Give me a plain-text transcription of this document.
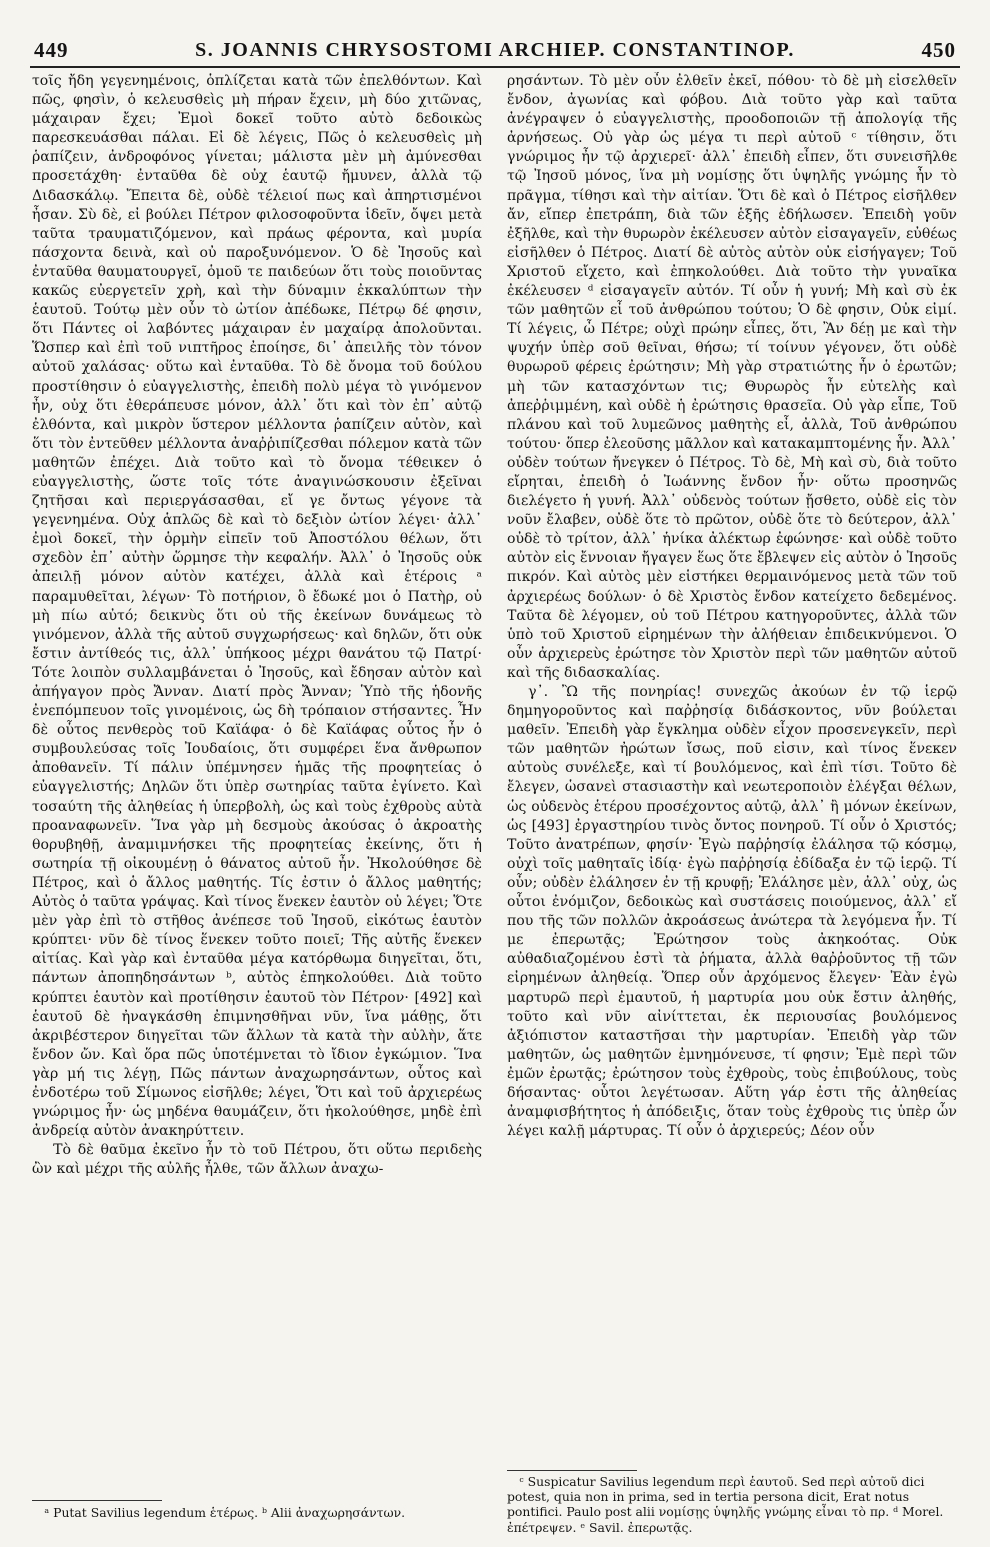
449	S. JOANNIS CHRYSOSTOMI ARCHIEP. CONSTANTINOP.	450

τοῖς ἤδη γεγενημένοις, ὁπλίζεται κατὰ τῶν ἐπελθόντων. Καὶ πῶς, φησὶν, ὁ κελευσθεὶς μὴ πήραν ἔχειν, μὴ δύο χιτῶνας, μάχαιραν ἔχει; Ἐμοὶ δοκεῖ τοῦτο αὐτὸ δεδοικὼς παρεσκευάσθαι πάλαι. Εἰ δὲ λέγεις, Πῶς ὁ κελευσθεὶς μὴ ῥαπίζειν, ἀνδροφόνος γίνεται; μάλιστα μὲν μὴ ἀμύνεσθαι προσετάχθη· ἐνταῦθα δὲ οὐχ ἑαυτῷ ἤμυνεν, ἀλλὰ τῷ Διδασκάλῳ. Ἔπειτα δὲ, οὐδὲ τέλειοί πως καὶ ἀπηρτισμένοι ἦσαν. Σὺ δὲ, εἰ βούλει Πέτρον φιλοσοφοῦντα ἰδεῖν, ὄψει μετὰ ταῦτα τραυματιζόμενον, καὶ πράως φέροντα, καὶ μυρία πάσχοντα δεινὰ, καὶ οὐ παροξυνόμενον. Ὁ δὲ Ἰησοῦς καὶ ἐνταῦθα θαυματουργεῖ, ὁμοῦ τε παιδεύων ὅτι τοὺς ποιοῦντας κακῶς εὐεργετεῖν χρὴ, καὶ τὴν δύναμιν ἐκκαλύπτων τὴν ἑαυτοῦ. Τούτῳ μὲν οὖν τὸ ὠτίον ἀπέδωκε, Πέτρῳ δέ φησιν, ὅτι Πάντες οἱ λαβόντες μάχαιραν ἐν μαχαίρᾳ ἀπολοῦνται. Ὥσπερ καὶ ἐπὶ τοῦ νιπτῆρος ἐποίησε, δι᾽ ἀπειλῆς τὸν τόνον αὐτοῦ χαλάσας· οὕτω καὶ ἐνταῦθα. Τὸ δὲ ὄνομα τοῦ δούλου προστίθησιν ὁ εὐαγγελιστὴς, ἐπειδὴ πολὺ μέγα τὸ γινόμενον ἦν, οὐχ ὅτι ἐθεράπευσε μόνον, ἀλλ᾽ ὅτι καὶ τὸν ἐπ᾽ αὐτῷ ἐλθόντα, καὶ μικρὸν ὕστερον μέλλοντα ῥαπίζειν αὐτὸν, καὶ ὅτι τὸν ἐντεῦθεν μέλλοντα ἀναῤῥιπίζεσθαι πόλεμον κατὰ τῶν μαθητῶν ἐπέχει. Διὰ τοῦτο καὶ τὸ ὄνομα τέθεικεν ὁ εὐαγγελιστὴς, ὥστε τοῖς τότε ἀναγινώσκουσιν ἐξεῖναι ζητῆσαι καὶ περιεργάσασθαι, εἴ γε ὄντως γέγονε τὰ γεγενημένα. Οὐχ ἁπλῶς δὲ καὶ τὸ δεξιὸν ὠτίον λέγει· ἀλλ᾽ ἐμοὶ δοκεῖ, τὴν ὁρμὴν εἰπεῖν τοῦ Ἀποστόλου θέλων, ὅτι σχεδὸν ἐπ᾽ αὐτὴν ὥρμησε τὴν κεφαλήν. Ἀλλ᾽ ὁ Ἰησοῦς οὐκ ἀπειλῇ μόνον αὐτὸν κατέχει, ἀλλὰ καὶ ἑτέροις ᵃ παραμυθεῖται, λέγων· Τὸ ποτήριον, ὃ ἔδωκέ μοι ὁ Πατὴρ, οὐ μὴ πίω αὐτό; δεικνὺς ὅτι οὐ τῆς ἐκείνων δυνάμεως τὸ γινόμενον, ἀλλὰ τῆς αὐτοῦ συγχωρήσεως· καὶ δηλῶν, ὅτι οὐκ ἔστιν ἀντίθεός τις, ἀλλ᾽ ὑπήκοος μέχρι θανάτου τῷ Πατρί· Τότε λοιπὸν συλλαμβάνεται ὁ Ἰησοῦς, καὶ ἔδησαν αὐτὸν καὶ ἀπήγαγον πρὸς Ἄνναν. Διατί πρὸς Ἄνναν; Ὑπὸ τῆς ἡδονῆς ἐνεπόμπευον τοῖς γινομένοις, ὡς δὴ τρόπαιον στήσαντες. Ἦν δὲ οὗτος πενθερὸς τοῦ Καϊάφα· ὁ δὲ Καϊάφας οὗτος ἦν ὁ συμβουλεύσας τοῖς Ἰουδαίοις, ὅτι συμφέρει ἕνα ἄνθρωπον ἀποθανεῖν. Τί πάλιν ὑπέμνησεν ἡμᾶς τῆς προφητείας ὁ εὐαγγελιστής; Δηλῶν ὅτι ὑπὲρ σωτηρίας ταῦτα ἐγίνετο. Καὶ τοσαύτη τῆς ἀληθείας ἡ ὑπερβολὴ, ὡς καὶ τοὺς ἐχθροὺς αὐτὰ προαναφωνεῖν. Ἵνα γὰρ μὴ δεσμοὺς ἀκούσας ὁ ἀκροατὴς θορυβηθῇ, ἀναμιμνήσκει τῆς προφητείας ἐκείνης, ὅτι ἡ σωτηρία τῇ οἰκουμένῃ ὁ θάνατος αὐτοῦ ἦν. Ἠκολούθησε δὲ Πέτρος, καὶ ὁ ἄλλος μαθητής. Τίς ἐστιν ὁ ἄλλος μαθητής; Αὐτὸς ὁ ταῦτα γράψας. Καὶ τίνος ἕνεκεν ἑαυτὸν οὐ λέγει; Ὅτε μὲν γὰρ ἐπὶ τὸ στῆθος ἀνέπεσε τοῦ Ἰησοῦ, εἰκότως ἑαυτὸν κρύπτει· νῦν δὲ τίνος ἕνεκεν τοῦτο ποιεῖ; Τῆς αὐτῆς ἕνεκεν αἰτίας. Καὶ γὰρ καὶ ἐνταῦθα μέγα κατόρθωμα διηγεῖται, ὅτι, πάντων ἀποπηδησάντων ᵇ, αὐτὸς ἐπηκολούθει. Διὰ τοῦτο κρύπτει ἑαυτὸν καὶ προτίθησιν ἑαυτοῦ τὸν Πέτρον· [492] καὶ ἑαυτοῦ δὲ ἠναγκάσθη ἐπιμνησθῆναι νῦν, ἵνα μάθῃς, ὅτι ἀκριβέστερον διηγεῖται τῶν ἄλλων τὰ κατὰ τὴν αὐλὴν, ἅτε ἔνδον ὤν. Καὶ ὅρα πῶς ὑποτέμνεται τὸ ἴδιον ἐγκώμιον. Ἵνα γὰρ μή τις λέγῃ, Πῶς πάντων ἀναχωρησάντων, οὗτος καὶ ἐνδοτέρω τοῦ Σίμωνος εἰσῆλθε; λέγει, Ὅτι καὶ τοῦ ἀρχιερέως γνώριμος ἦν· ὡς μηδένα θαυμάζειν, ὅτι ἠκολούθησε, μηδὲ ἐπὶ ἀνδρείᾳ αὐτὸν ἀνακηρύττειν.

Τὸ δὲ θαῦμα ἐκεῖνο ἦν τὸ τοῦ Πέτρου, ὅτι οὕτω περιδεὴς ὢν καὶ μέχρι τῆς αὐλῆς ἦλθε, τῶν ἄλλων ἀναχω-

ρησάντων. Τὸ μὲν οὖν ἐλθεῖν ἐκεῖ, πόθου· τὸ δὲ μὴ εἰσελθεῖν ἔνδον, ἀγωνίας καὶ φόβου. Διὰ τοῦτο γὰρ καὶ ταῦτα ἀνέγραψεν ὁ εὐαγγελιστὴς, προοδοποιῶν τῇ ἀπολογίᾳ τῆς ἀρνήσεως. Οὐ γὰρ ὡς μέγα τι περὶ αὐτοῦ ᶜ τίθησιν, ὅτι γνώριμος ἦν τῷ ἀρχιερεῖ· ἀλλ᾽ ἐπειδὴ εἶπεν, ὅτι συνεισῆλθε τῷ Ἰησοῦ μόνος, ἵνα μὴ νομίσῃς ὅτι ὑψηλῆς γνώμης ἦν τὸ πρᾶγμα, τίθησι καὶ τὴν αἰτίαν. Ὅτι δὲ καὶ ὁ Πέτρος εἰσῆλθεν ἄν, εἴπερ ἐπετράπη, διὰ τῶν ἑξῆς ἐδήλωσεν. Ἐπειδὴ γοῦν ἐξῆλθε, καὶ τὴν θυρωρὸν ἐκέλευσεν αὐτὸν εἰσαγαγεῖν, εὐθέως εἰσῆλθεν ὁ Πέτρος. Διατί δὲ αὐτὸς αὐτὸν οὐκ εἰσήγαγεν; Τοῦ Χριστοῦ εἴχετο, καὶ ἐπηκολούθει. Διὰ τοῦτο τὴν γυναῖκα ἐκέλευσεν ᵈ εἰσαγαγεῖν αὐτόν. Τί οὖν ἡ γυνή; Μὴ καὶ σὺ ἐκ τῶν μαθητῶν εἶ τοῦ ἀνθρώπου τούτου; Ὁ δὲ φησιν, Οὐκ εἰμί. Τί λέγεις, ὦ Πέτρε; οὐχὶ πρώην εἶπες, ὅτι, Ἂν δέῃ με καὶ τὴν ψυχήν ὑπὲρ σοῦ θεῖναι, θήσω; τί τοίνυν γέγονεν, ὅτι οὐδὲ θυρωροῦ φέρεις ἐρώτησιν; Μὴ γὰρ στρατιώτης ἦν ὁ ἐρωτῶν; μὴ τῶν κατασχόντων τις; Θυρωρὸς ἦν εὐτελὴς καὶ ἀπεῤῥιμμένη, καὶ οὐδὲ ἡ ἐρώτησις θρασεῖα. Οὐ γὰρ εἶπε, Τοῦ πλάνου καὶ τοῦ λυμεῶνος μαθητὴς εἶ, ἀλλὰ, Τοῦ ἀνθρώπου τούτου· ὅπερ ἐλεοῦσης μᾶλλον καὶ κατακαμπτομένης ἦν. Ἀλλ᾽ οὐδὲν τούτων ἤνεγκεν ὁ Πέτρος. Τὸ δὲ, Μὴ καὶ σὺ, διὰ τοῦτο εἴρηται, ἐπειδὴ ὁ Ἰωάννης ἔνδον ἦν· οὕτω προσηνῶς διελέγετο ἡ γυνή. Ἀλλ᾽ οὐδενὸς τούτων ᾔσθετο, οὐδὲ εἰς τὸν νοῦν ἔλαβεν, οὐδὲ ὅτε τὸ πρῶτον, οὐδὲ ὅτε τὸ δεύτερον, ἀλλ᾽ οὐδὲ τὸ τρίτον, ἀλλ᾽ ἡνίκα ἀλέκτωρ ἐφώνησε· καὶ οὐδὲ τοῦτο αὐτὸν εἰς ἔννοιαν ἤγαγεν ἕως ὅτε ἔβλεψεν εἰς αὐτὸν ὁ Ἰησοῦς πικρόν. Καὶ αὐτὸς μὲν εἱστήκει θερμαινόμενος μετὰ τῶν τοῦ ἀρχιερέως δούλων· ὁ δὲ Χριστὸς ἔνδον κατείχετο δεδεμένος. Ταῦτα δὲ λέγομεν, οὐ τοῦ Πέτρου κατηγοροῦντες, ἀλλὰ τῶν ὑπὸ τοῦ Χριστοῦ εἰρημένων τὴν ἀλήθειαν ἐπιδεικνύμενοι. Ὁ οὖν ἀρχιερεὺς ἐρώτησε τὸν Χριστὸν περὶ τῶν μαθητῶν αὐτοῦ καὶ τῆς διδασκαλίας.

γ᾽. Ὢ τῆς πονηρίας! συνεχῶς ἀκούων ἐν τῷ ἱερῷ δημηγοροῦντος καὶ παῤῥησίᾳ διδάσκοντος, νῦν βούλεται μαθεῖν. Ἐπειδὴ γὰρ ἔγκλημα οὐδὲν εἶχον προσενεγκεῖν, περὶ τῶν μαθητῶν ἠρώτων ἴσως, ποῦ εἰσιν, καὶ τίνος ἕνεκεν αὐτοὺς συνέλεξε, καὶ τί βουλόμενος, καὶ ἐπὶ τίσι. Τοῦτο δὲ ἔλεγεν, ὡσανεὶ στασιαστὴν καὶ νεωτεροποιὸν ἐλέγξαι θέλων, ὡς οὐδενὸς ἑτέρου προσέχοντος αὐτῷ, ἀλλ᾽ ἢ μόνων ἐκείνων, ὡς [493] ἐργαστηρίου τινὸς ὄντος πονηροῦ. Τί οὖν ὁ Χριστός; Τοῦτο ἀνατρέπων, φησίν· Ἐγὼ παῤῥησίᾳ ἐλάλησα τῷ κόσμῳ, οὐχὶ τοῖς μαθηταῖς ἰδίᾳ· ἐγὼ παῤῥησίᾳ ἐδίδαξα ἐν τῷ ἱερῷ. Τί οὖν; οὐδὲν ἐλάλησεν ἐν τῇ κρυφῇ; Ἐλάλησε μὲν, ἀλλ᾽ οὐχ, ὡς οὗτοι ἐνόμιζον, δεδοικὼς καὶ συστάσεις ποιούμενος, ἀλλ᾽ εἴ που τῆς τῶν πολλῶν ἀκροάσεως ἀνώτερα τὰ λεγόμενα ἦν. Τί με ἐπερωτᾷς; Ἐρώτησον τοὺς ἀκηκοότας. Οὐκ αὐθαδιαζομένου ἐστὶ τὰ ῥήματα, ἀλλὰ θαῤῥοῦντος τῇ τῶν εἰρημένων ἀληθείᾳ. Ὅπερ οὖν ἀρχόμενος ἔλεγεν· Ἐὰν ἐγὼ μαρτυρῶ περὶ ἐμαυτοῦ, ἡ μαρτυρία μου οὐκ ἔστιν ἀληθής, τοῦτο καὶ νῦν αἰνίττεται, ἐκ περιουσίας βουλόμενος ἀξιόπιστον καταστῆσαι τὴν μαρτυρίαν. Ἐπειδὴ γὰρ τῶν μαθητῶν, ὡς μαθητῶν ἐμνημόνευσε, τί φησιν; Ἐμὲ περὶ τῶν ἐμῶν ἐρωτᾷς; ἐρώτησον τοὺς ἐχθροὺς, τοὺς ἐπιβούλους, τοὺς δήσαντας· οὗτοι λεγέτωσαν. Αὕτη γάρ ἐστι τῆς ἀληθείας ἀναμφισβήτητος ἡ ἀπόδειξις, ὅταν τοὺς ἐχθροὺς τις ὑπὲρ ὧν λέγει καλῇ μάρτυρας. Τί οὖν ὁ ἀρχιερεύς; Δέον οὖν

ᵃ Putat Savilius legendum ἑτέρως. ᵇ Alii ἀναχωρησάντων.

ᶜ Suspicatur Savilius legendum περὶ ἑαυτοῦ. Sed περὶ αὐτοῦ dici potest, quia non in prima, sed in tertia persona dicit, Erat notus pontifici. Paulo post alii νομίσῃς ὑψηλῆς γνώμης εἶναι τὸ πρ. ᵈ Morel. ἐπέτρεψεν. ᵉ Savil. ἐπερωτᾷς.
